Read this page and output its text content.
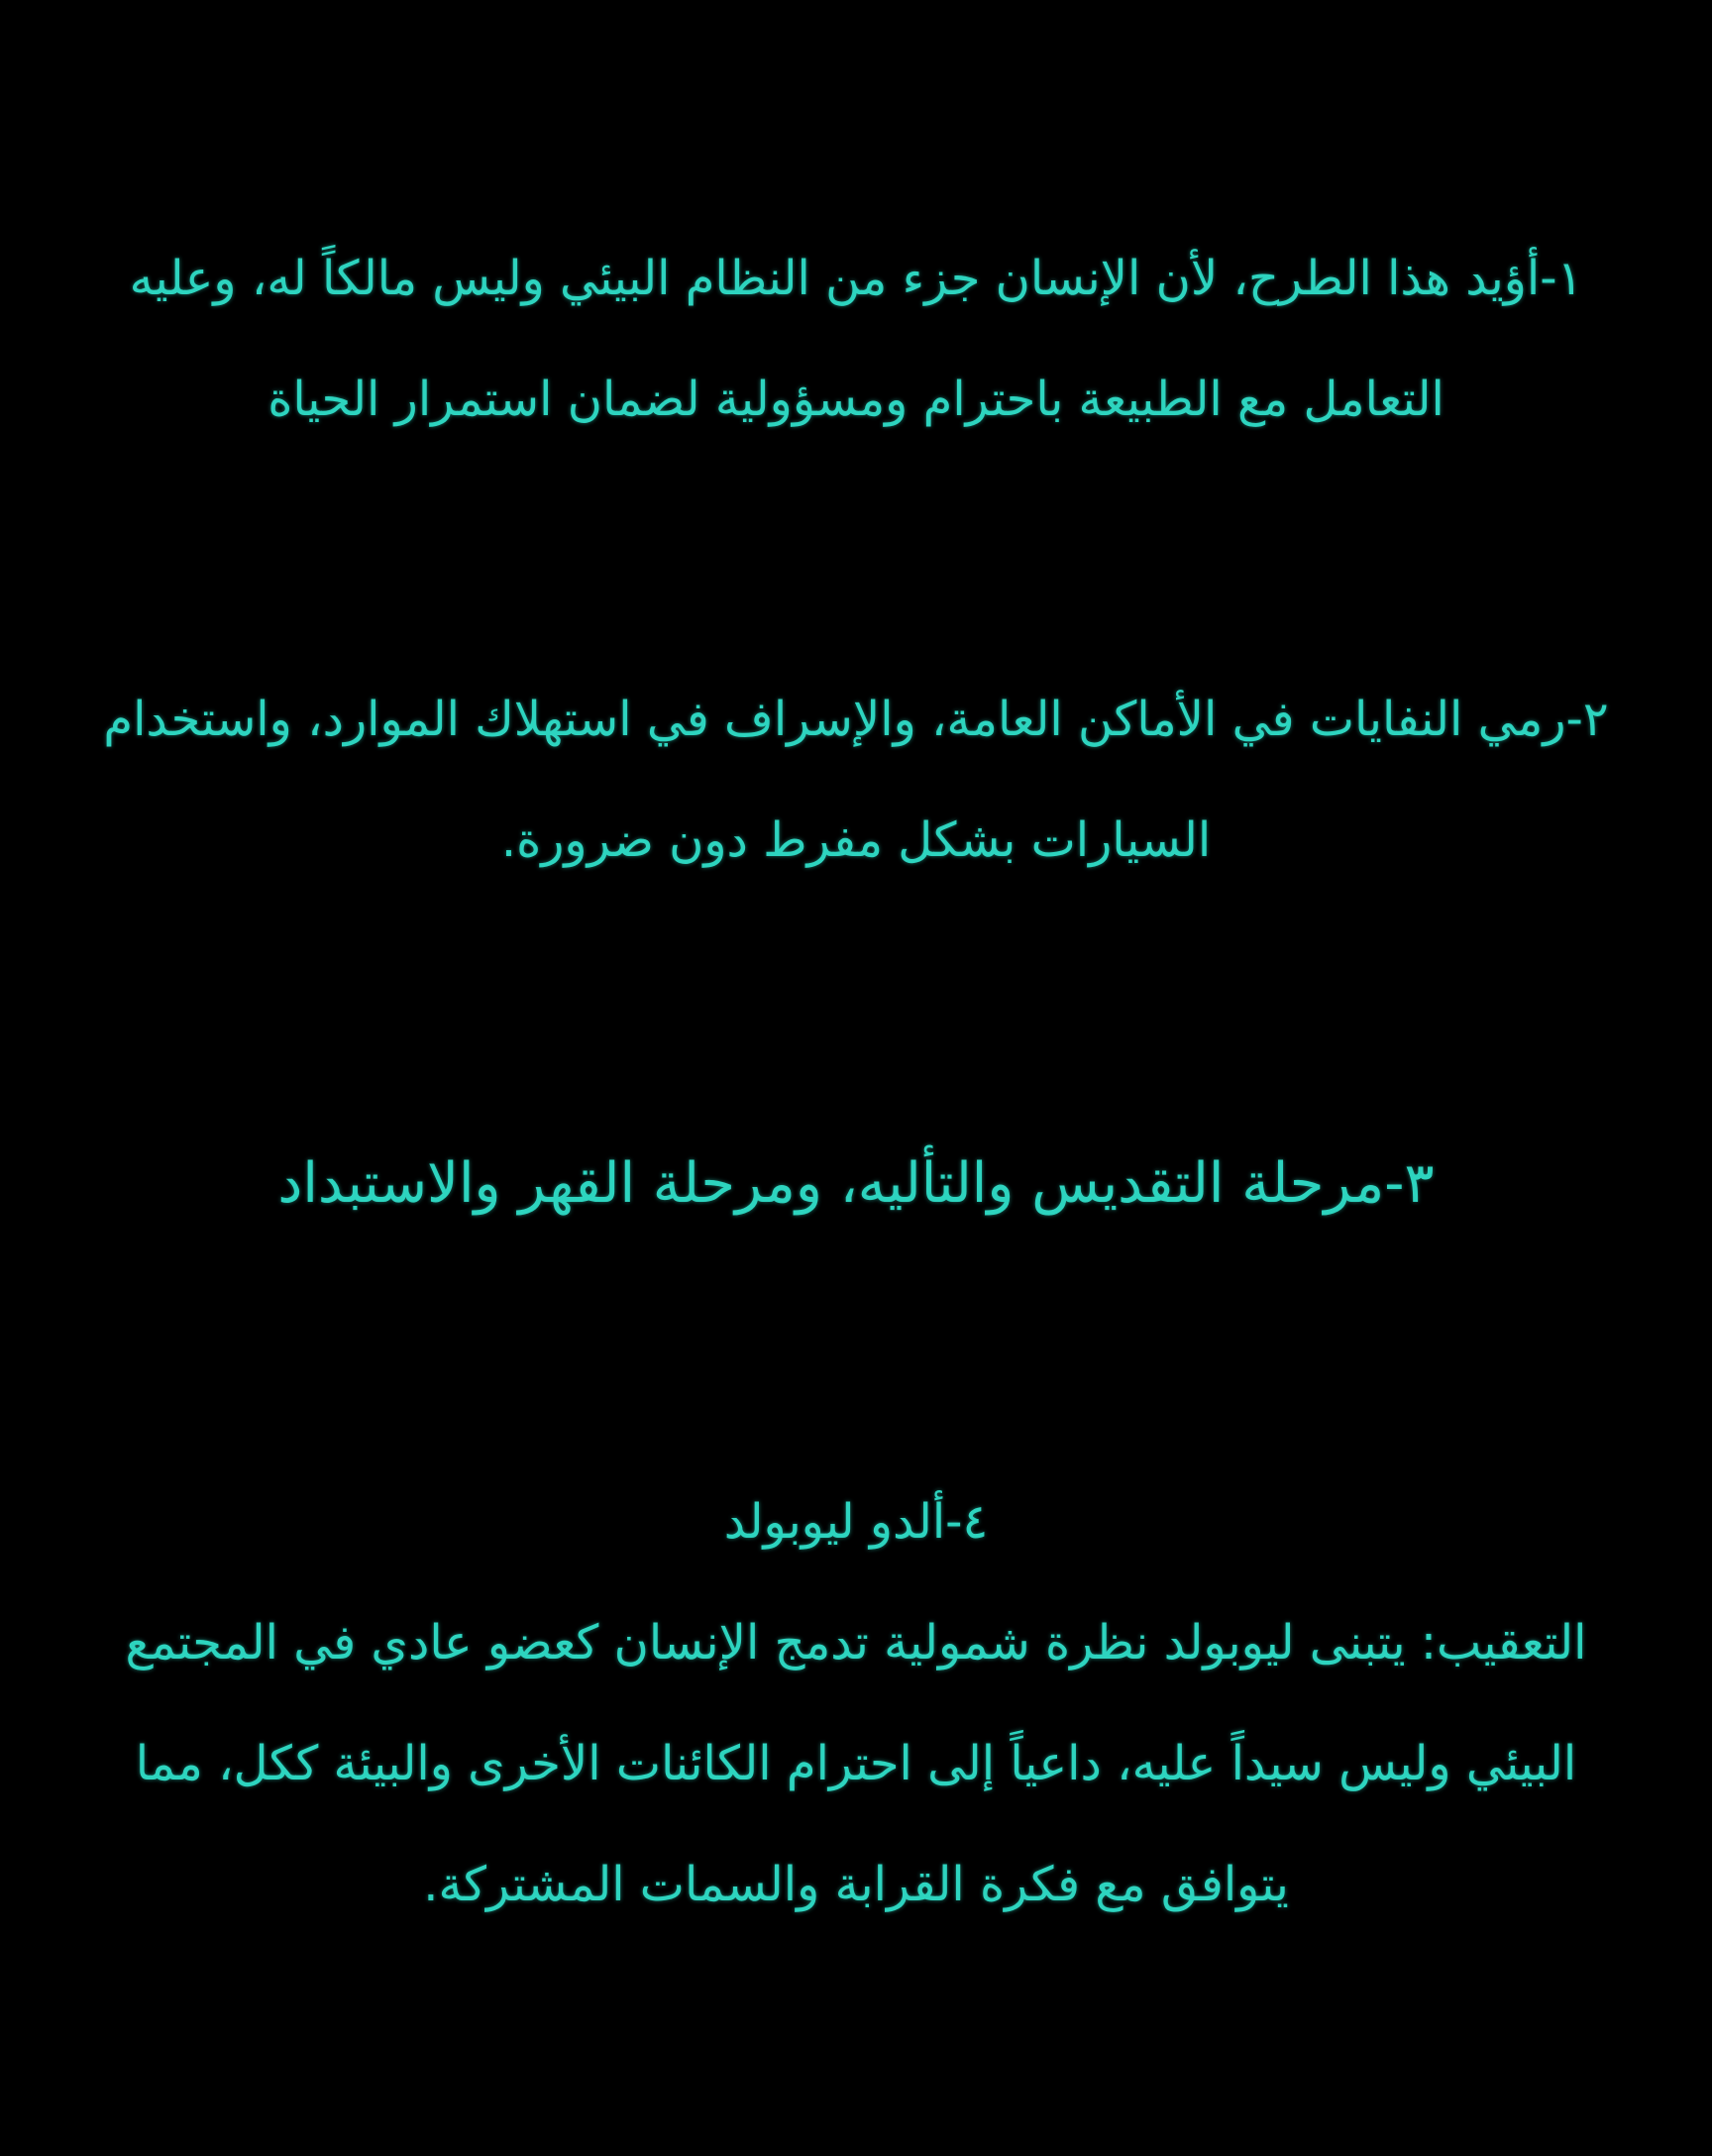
١-أؤيد هذا الطرح، لأن الإنسان جزء من النظام البيئي وليس مالكاً له، وعليه
التعامل مع الطبيعة باحترام ومسؤولية لضمان استمرار الحياة
٢-رمي النفايات في الأماكن العامة، والإسراف في استهلاك الموارد، واستخدام
السيارات بشكل مفرط دون ضرورة.
٣-مرحلة التقديس والتأليه، ومرحلة القهر والاستبداد
٤-ألدو ليوبولد
التعقيب: يتبنى ليوبولد نظرة شمولية تدمج الإنسان كعضو عادي في المجتمع
البيئي وليس سيداً عليه، داعياً إلى احترام الكائنات الأخرى والبيئة ككل، مما
يتوافق مع فكرة القرابة والسمات المشتركة.
